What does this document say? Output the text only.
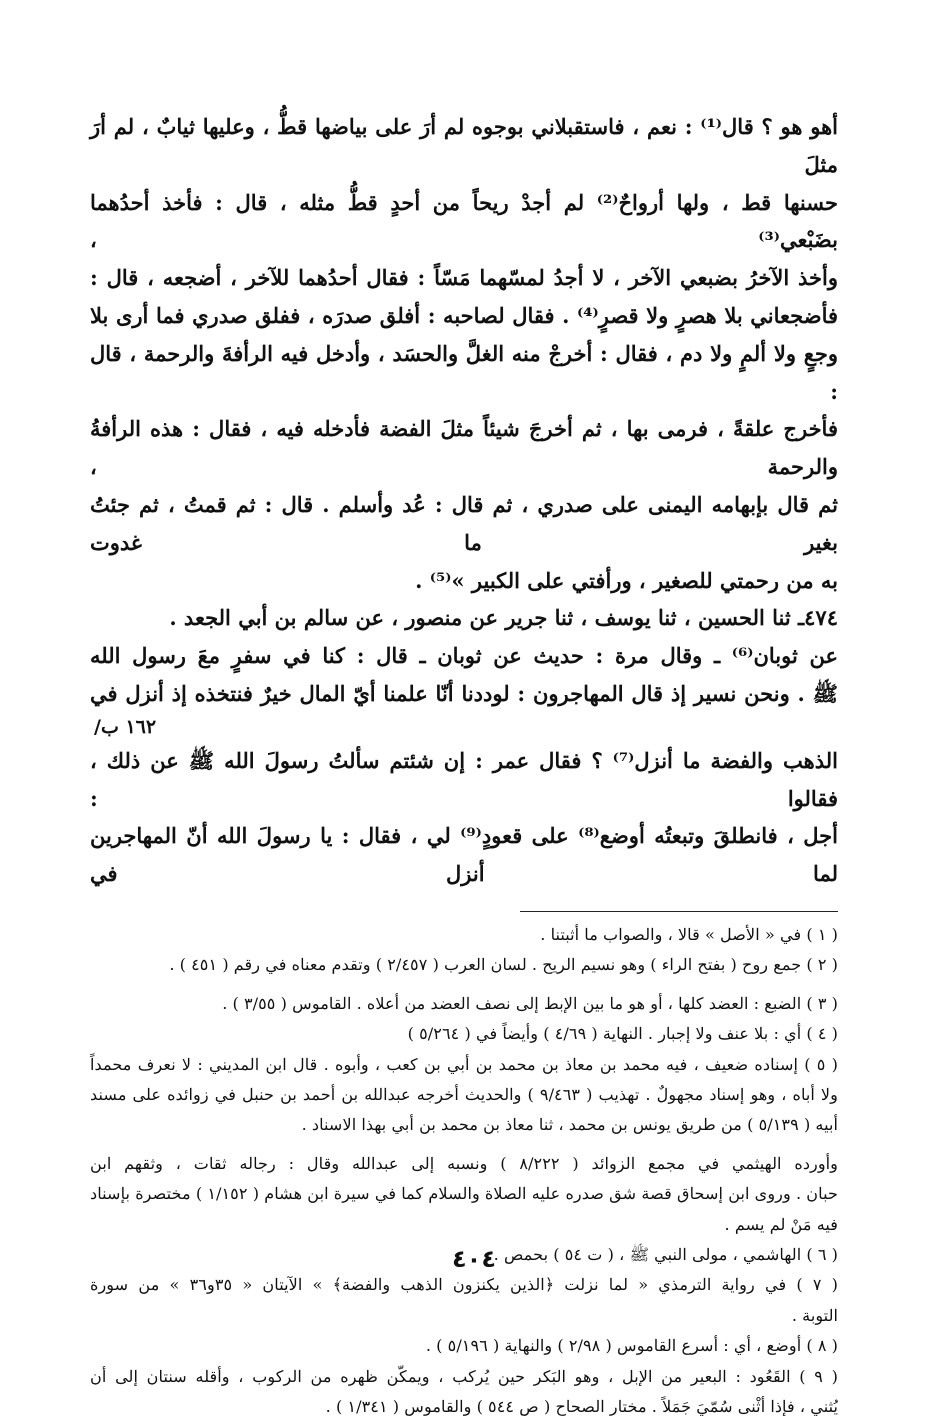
أهو هو ؟ قال⁽¹⁾ : نعم ، فاستقبلاني بوجوه لم أرَ على بياضها قطُّ ، وعليها ثيابٌ ، لم أرَ مثلَ

حسنها قط ، ولها أرواحٌ⁽²⁾ لم أجدْ ريحاً من أحدٍ قطُّ مثله ، قال : فأخذ أحدُهما بضَبْعي⁽³⁾ ،

وأخذ الآخرُ بضبعي الآخر ، لا أجدُ لمسّهما مَسّاً : فقال أحدُهما للآخر ، أضجعه ، قال :

فأضجعاني بلا هصرٍ ولا قصرٍ⁽⁴⁾ . فقال لصاحبه : أفلق صدرَه ، ففلق صدري فما أرى بلا

وجعٍ ولا ألمٍ ولا دم ، فقال : أخرجْ منه الغلَّ والحسَد ، وأدخل فيه الرأفةَ والرحمة ، قال :

فأخرج علقةً ، فرمى بها ، ثم أخرجَ شيئاً مثلَ الفضة فأدخله فيه ، فقال : هذه الرأفةُ والرحمة ،

ثم قال بإبهامه اليمنى على صدري ، ثم قال : عُد وأسلم . قال : ثم قمتُ ، ثم جئتُ بغير ما غدوت

به من رحمتي للصغير ، ورأفتي على الكبير »⁽⁵⁾ .

٤٧٤ـ ثنا الحسين ، ثنا يوسف ، ثنا جرير عن منصور ، عن سالم بن أبي الجعد .

عن ثوبان⁽⁶⁾ ـ وقال مرة : حديث عن ثوبان ـ قال : كنا في سفرٍ معَ رسول الله

ﷺ . ونحن نسير إذ قال المهاجرون : لوددنا أنّا علمنا أيّ المال خيرٌ فنتخذه إذ أنزل في

/١٦٢ ب

الذهب والفضة ما أنزل⁽⁷⁾ ؟ فقال عمر : إن شئتم سألتُ رسولَ الله ﷺ عن ذلك ، فقالوا :

أجل ، فانطلقَ وتبعتُه أوضع⁽⁸⁾ على قعودٍ⁽⁹⁾ لي ، فقال : يا رسولَ الله أنّ المهاجرين لما أنزل في

( ١ ) في « الأصل » قالا ، والصواب ما أثبتنا .

( ٢ ) جمع روح ( بفتح الراء ) وهو نسيم الريح . لسان العرب ( ٢/٤٥٧ ) وتقدم معناه في رقم ( ٤٥١ ) .

( ٣ ) الضبع : العضد كلها ، أو هو ما بين الإبط إلى نصف العضد من أعلاه . القاموس ( ٣/٥٥ ) .

( ٤ ) أي : بلا عنف ولا إجبار . النهاية ( ٤/٦٩ ) وأيضاً في ( ٥/٢٦٤ )

( ٥ ) إسناده ضعيف ، فيه محمد بن معاذ بن محمد بن أبي بن كعب ، وأبوه . قال ابن المديني : لا نعرف محمداً

ولا أباه ، وهو إسناد مجهولٌ . تهذيب ( ٩/٤٦٣ ) والحديث أخرجه عبدالله بن أحمد بن حنبل في زوائده على مسند

أبيه ( ٥/١٣٩ ) من طريق يونس بن محمد ، ثنا معاذ بن محمد بن أبي بهذا الاسناد .

وأورده الهيثمي في مجمع الزوائد ( ٨/٢٢٢ ) ونسبه إلى عبدالله وقال : رجاله ثقات ، وثقهم ابن

حبان . وروى ابن إسحاق قصة شق صدره عليه الصلاة والسلام كما في سيرة ابن هشام ( ١/١٥٢ ) مختصرة بإسناد

فيه مَنْ لم يسم .

( ٦ ) الهاشمي ، مولى النبي ﷺ ، ( ت ٥٤ ) بحمص .

( ٧ ) في رواية الترمذي « لما نزلت ﴿الذين يكنزون الذهب والفضة﴾ » الآيتان « ٣٥و٣٦ » من سورة

التوبة .

( ٨ ) أوضع ، أي : أسرع القاموس ( ٢/٩٨ ) والنهاية ( ٥/١٩٦ ) .

( ٩ ) القَعُود : البعير من الإبل ، وهو البَكر حين يُركب ، ويمكّن ظهره من الركوب ، وأقله سنتان إلى أن

يُثني ، فإذا أثْنى سُمّيَ جَمَلاً . مختار الصحاح ( ص ٥٤٤ ) والقاموس ( ١/٣٤١ ) .

٤٠٤
